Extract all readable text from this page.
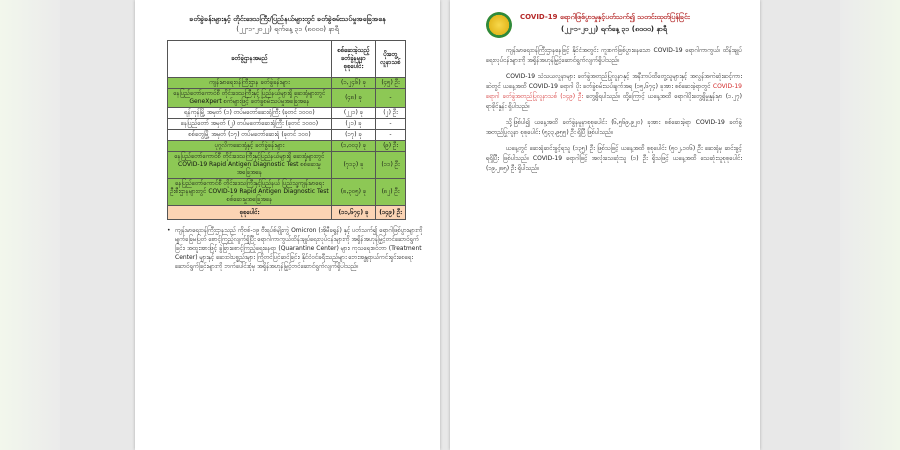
ခတ်ခွဲခန်းများနှင့် တိုင်းဒေသကြီး/ပြည်နယ်များတွင် ခတ်ခွဲစမ်းသပ်မှုအခြေအနေ
(၂၂-၁-၂၀၂၂) ရက်နေ့ ၃၁ (၈၀၀၀) နာရီ
ခတ်ခွဲဌာနအမည်	စစ်ဆေးခဲ့သည့် ခတ်ခွဲနမူနာ စုစုပေါင်း	ပိုးတွေ့ လူနာသစ်
ကျန်းမာရေးဝန်ကြီးဌာန ခတ်ခွဲခန်းများ	(၁,၂၄၆) ခု	(၄၅) ဦး
နေပြည်တော်ကောင်စီ တိုင်းဒေသကြီးနှင့် ပြည်နယ်များရှိ ဆေးရုံများတွင် GeneXpert စက်များဖြင့် ခတ်ခွဲစမ်းသပ်မှုအခြေအနေ	(၄၈) ခု	-
ရန်ကုန်မြို့ အမှတ် (၁) တပ်မတော်ဆေးရုံကြီး (ခုတင် ၁၀၀၀)	(၂၂၁) ခု	(၂) ဦး
နေပြည်တော် အမှတ် (၂) တပ်မတော်ဆေးရုံကြီး (ခုတင် ၁၀၀၀)	(၂၁) ခု	-
စစ်တွေမြို့ အမှတ် (၁၇) တပ်မတော်ဆေးရုံ (ခုတင် ၁၀၀)	(၁၇) ခု	-
ပုဂ္ဂလိကဆေးရုံနှင့် ခတ်ခွဲခန်းများ	(၁,၀၀၃) ခု	(၉) ဦး
နေပြည်တော်ကောင်စီ တိုင်းဒေသကြီးနှင့်ပြည်နယ်များရှိ ဆေးရုံများတွင် COVID-19 Rapid Antigen Diagnostic Test စစ်ဆေးမှုအခြေအနေ	(၇၁၃) ခု	(၁၁) ဦး
နေပြည်တော်ကောင်စီ တိုင်းဒေသကြီးနှင့်ပြည်နယ် ပြည်သူ့ကျန်းမာရေးဦးစီးဌာနများတွင် COVID-19 Rapid Antigen Diagnostic Test စစ်ဆေးမှုအခြေအနေ	(၈,၃၀၅) ခု	(၈၂) ဦး
စုစုပေါင်း	(၁၁,၆၇၄) ခု	(၁၄၉) ဦး
• ကျန်းမာရေးဝန်ကြီးဌာနသည် ကိုဗစ်-၁၉ ဗီးရပ်စ်မျိုးကွဲ Omicron (အိုမီခရွန်) နှင့် ပတ်သက်၍ ရောဂါဖြစ်ပွားများကို မျက်ခြေမပြတ် စောင့်ကြည့်လျက်ရှိပြီး ရောဂါကာကွယ်ထိန်းချုပ်ရေးလုပ်ငန်းများကို အရှိန်အဟုန်မြှင့်တင်ဆောင်ရွက်ခြင်း၊ အထူးအားဖြင့် ခွဲခြားစောင့်ကြည့်ရေးနေရာ (Quarantine Center) များ၊ ကုသရေးစင်တာ (Treatment Center) များနှင့် ဆေးဝါးပစ္စည်းများ ကြိုတင်ပြင်ဆင်ခြင်း၊ နိုင်ငံဝင်ခရီးသည်များ ဘေးအန္တရာယ်ကင်းရှင်းစေရေး ဆောင်ရွက်ခြင်းများကို ဘက်ပေါင်းစုံမှ အရှိန်အဟုန်မြှင့်တင်ဆောင်ရွက်လျက်ရှိပါသည်။
COVID-19 ရောဂါဖြစ်ပွားမှုနှင့်ပတ်သက်၍ သတင်းထုတ်ပြန်ခြင်း
(၂၂-၁-၂၀၂၂) ရက်နေ့ ၃၁ (၈၀၀၀) နာရီ

ကျန်းမာရေးဝန်ကြီးဌာနနေဖြင့် နိုင်ငံအတွင်း ကူးစက်ဖြစ်ပွားနေသော COVID-19 ရောဂါကာကွယ်၊ ထိန်းချုပ်ရေးလုပ်ငန်းများကို အရှိန်အဟုန်မြှင့်ဆောင်ရွက်လျက်ရှိပါသည်။

COVID-19 သံသယလူနာများ ခတ်ခွဲအတည်ပြုလူနာနှင့် အနီးကပ်ထိတွေ့သူများနှင့် အလွန်အကဲဆုံးဆင့်ကားဆဲတွင် ယနေ့အထိ COVID-19 ရောဂါ ပိုး ခတ်ခွဲစမ်းသပ်ချက်အရ (၁၅,၆၇၄) ခုအား စစ်ဆေးခဲ့ရာတွင် COVID-19 ရောဂါ ခတ်ခွဲအတည်ပြုလူနာသစ် (၁၄၉) ဦး တွေ့ရှိရပါသည်။ ထို့ကြောင့် ယနေ့အထိ ရောဂါပိုးတွေ့ရှိမှုနှုန်းမှာ (၁.၂၇) ရာခိုင်နှုန်း ရှိပါသည်။

သို့ဖြစ်ပါ၍ ယနေ့အထိ ခတ်ခွဲနမူနာစုစုပေါင်း (၆,၅၆၉,၉၂၀) ခုအား စစ်ဆေးခဲ့ရာ COVID-19 ခတ်ခွဲအတည်ပြုလူနာ စုစုပေါင်း (၅၃၃,၉၅၅) ဦး ရှိပြီ ဖြစ်ပါသည်။

ယနေ့တွင် ဆေးရုံဆင်းခွင့်ရသူ (၁၃၅) ဦး ဖြစ်သဖြင့် ယနေ့အထိ စုစုပေါင်း (၅၀၂,၁၀၆) ဦး ဆေးရုံမှ ဆင်းခွင့်ရရှိပြီး ဖြစ်ပါသည်။ COVID-19 ရောဂါဖြင့် အလုံးသေဆုံးသူ (၁) ဦး ရှိသဖြင့် ယနေ့အထိ သေဆုံးသူစုစုပေါင်း (၁၉,၂၈၅) ဦး ရှိပါသည်။
